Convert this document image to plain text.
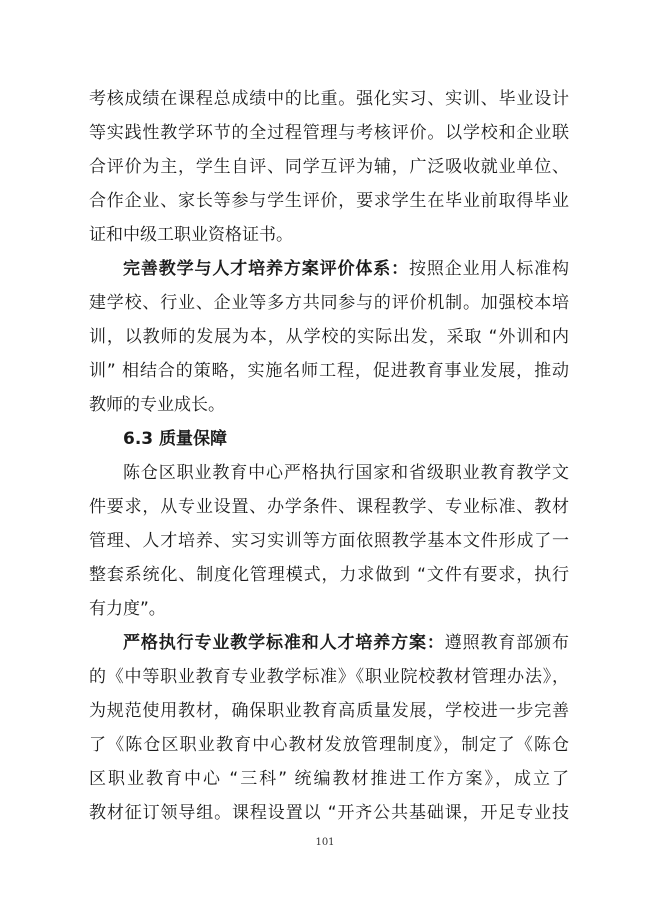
考核成绩在课程总成绩中的比重。强化实习、实训、毕业设计
等实践性教学环节的全过程管理与考核评价。以学校和企业联
合评价为主，学生自评、同学互评为辅，广泛吸收就业单位、
合作企业、家长等参与学生评价，要求学生在毕业前取得毕业
证和中级工职业资格证书。
完善教学与人才培养方案评价体系：按照企业用人标准构
建学校、行业、企业等多方共同参与的评价机制。加强校本培
训，以教师的发展为本，从学校的实际出发，采取 “外训和内
训” 相结合的策略，实施名师工程，促进教育事业发展，推动
教师的专业成长。
6.3 质量保障
陈仓区职业教育中心严格执行国家和省级职业教育教学文
件要求，从专业设置、办学条件、课程教学、专业标准、教材
管理、人才培养、实习实训等方面依照教学基本文件形成了一
整套系统化、制度化管理模式，力求做到 “文件有要求，执行
有力度”。
严格执行专业教学标准和人才培养方案：遵照教育部颁布
的《中等职业教育专业教学标准》《职业院校教材管理办法》，
为规范使用教材，确保职业教育高质量发展，学校进一步完善
了《陈仓区职业教育中心教材发放管理制度》，制定了《陈仓
区职业教育中心 “三科” 统编教材推进工作方案》，成立了
教材征订领导组。课程设置以 “开齐公共基础课，开足专业技
101
